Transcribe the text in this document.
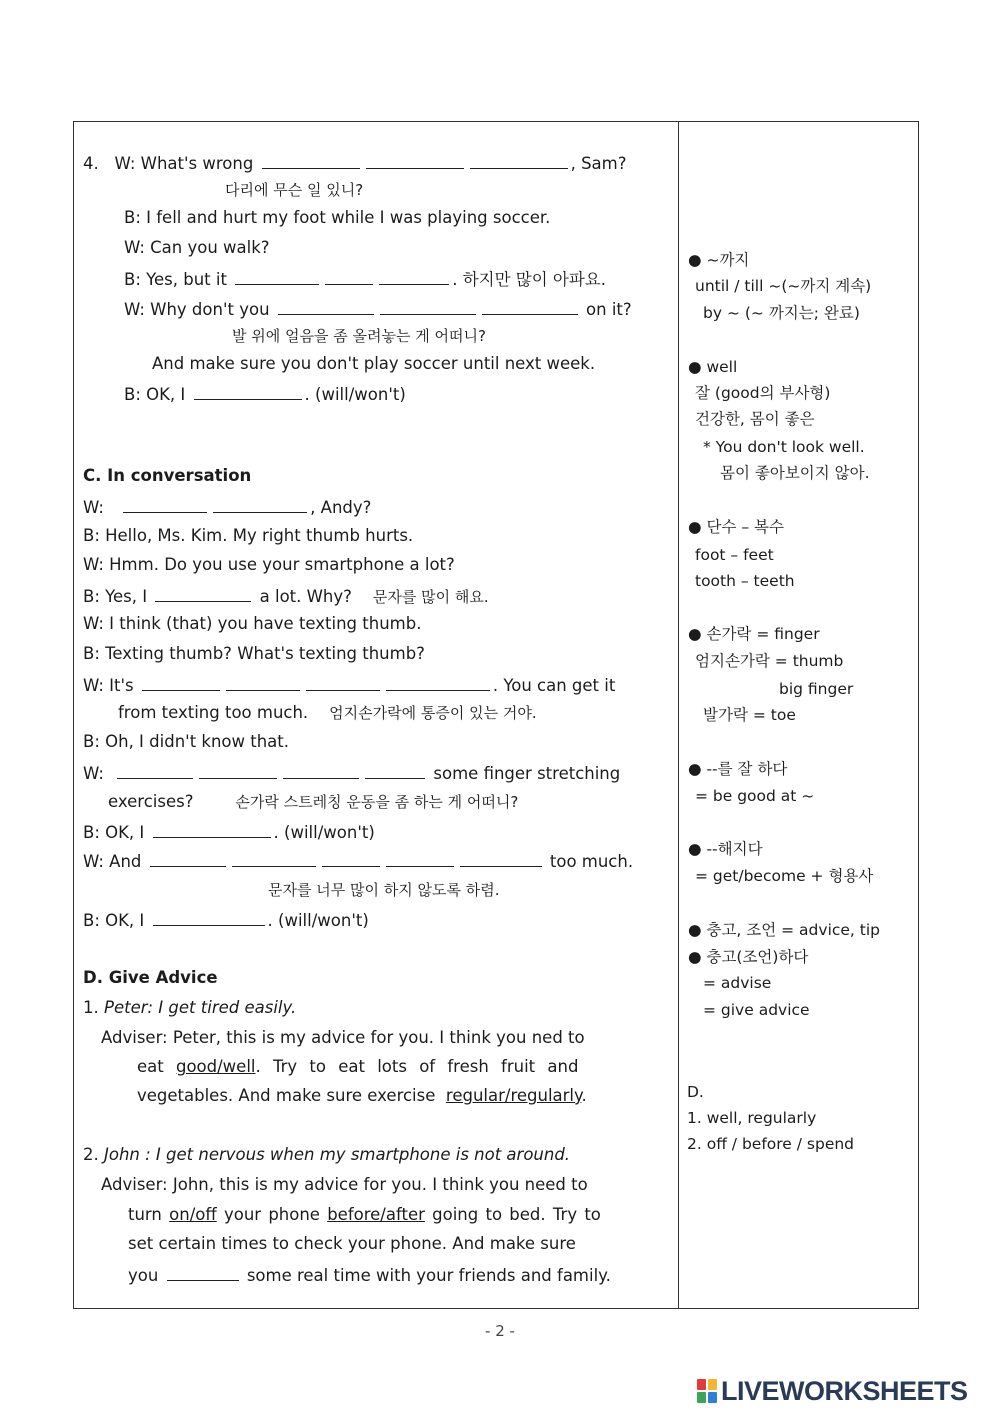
4. W: What's wrong	, Sam?
다리에 무슨 일 있니?
B: I fell and hurt my foot while I was playing soccer.
W: Can you walk?
B: Yes, but it	. 하지만 많이 아파요.
W: Why don't you	on it?
발 위에 얼음을 좀 올려놓는 게 어떠니?
And make sure you don't play soccer until next week.
B: OK, I	. (will/won't)
C. In conversation
W:	, Andy?
B: Hello, Ms. Kim. My right thumb hurts.
W: Hmm. Do you use your smartphone a lot?
B: Yes, I	a lot. Why? 문자를 많이 해요.
W: I think (that) you have texting thumb.
B: Texting thumb? What's texting thumb?
W: It's	. You can get it
from texting too much. 엄지손가락에 통증이 있는 거야.
B: Oh, I didn't know that.
W:	some finger stretching
exercises?	손가락 스트레칭 운동을 좀 하는 게 어떠니?
B: OK, I	. (will/won't)
W: And	too much.
문자를 너무 많이 하지 않도록 하렴.
B: OK, I	. (will/won't)
D. Give Advice
1. Peter: I get tired easily.
Adviser: Peter, this is my advice for you. I think you ned to
eat good/well. Try to eat lots of fresh fruit and
vegetables. And make sure exercise regular/regularly.
2. John : I get nervous when my smartphone is not around.
Adviser: John, this is my advice for you. I think you need to
turn on/off your phone before/after going to bed. Try to
set certain times to check your phone. And make sure
you	some real time with your friends and family.
● ~까지
until / till ~(~까지 계속)
by ~ (~ 까지는; 완료)
● well
잘 (good의 부사형)
건강한, 몸이 좋은
* You don't look well.
몸이 좋아보이지 않아.
● 단수 – 복수
foot – feet
tooth – teeth
● 손가락 = finger
엄지손가락 = thumb
big finger
발가락 = toe
● --를 잘 하다
= be good at ~
● --해지다
= get/become + 형용사
● 충고, 조언 = advice, tip
● 충고(조언)하다
= advise
= give advice
D.
1. well, regularly
2. off / before / spend
- 2 -
LIVEWORKSHEETS
